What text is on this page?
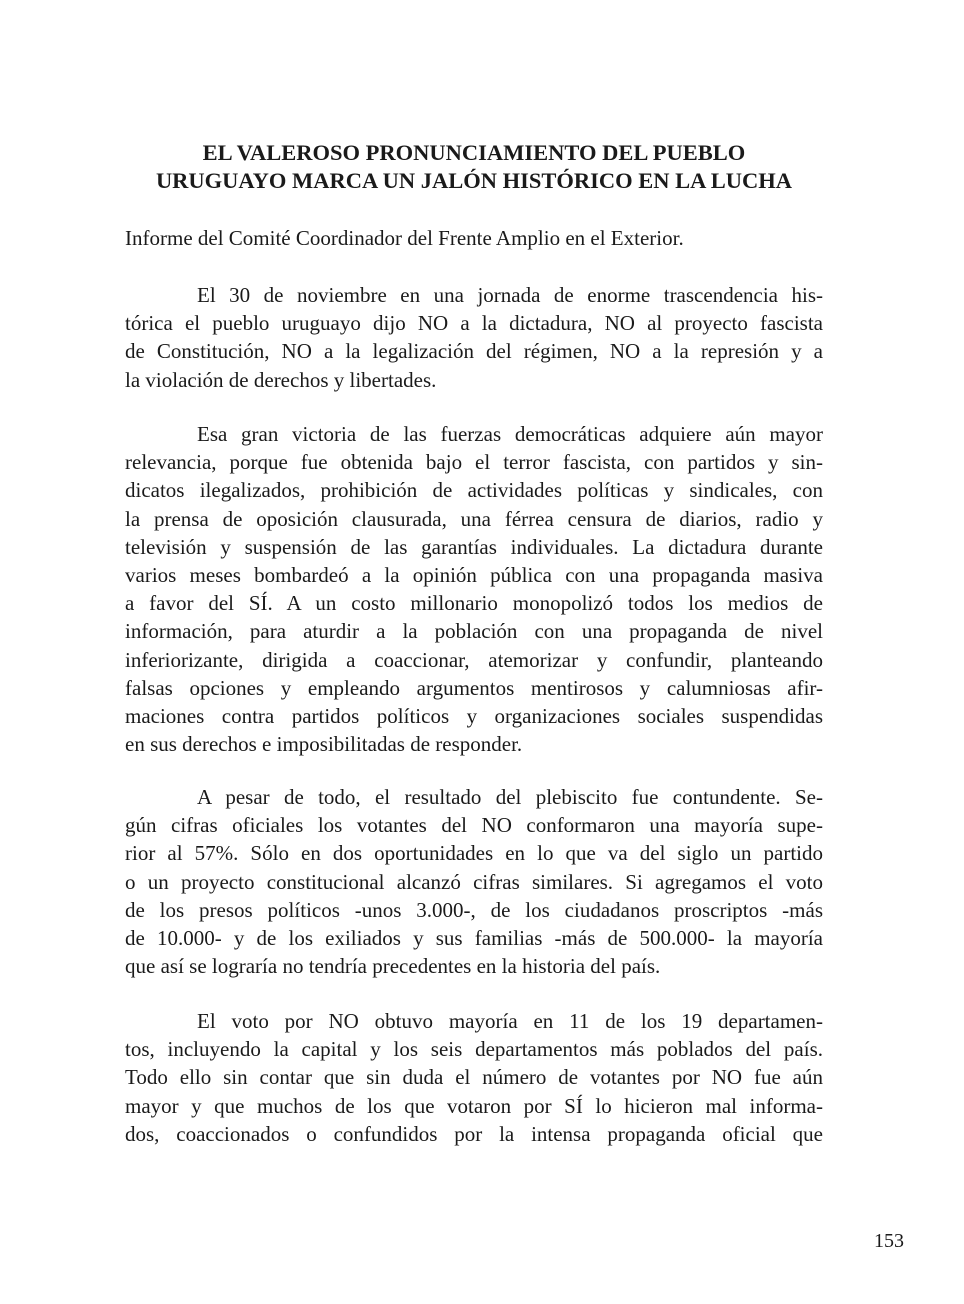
EL VALEROSO PRONUNCIAMIENTO DEL PUEBLO
URUGUAYO MARCA UN JALÓN HISTÓRICO EN LA LUCHA
Informe del Comité Coordinador del Frente Amplio en el Exterior.
El 30 de noviembre en una jornada de enorme trascendencia his-
tórica el pueblo uruguayo dijo NO a la dictadura, NO al proyecto fascista
de Constitución, NO a la legalización del régimen, NO a la represión y a
la violación de derechos y libertades.
Esa gran victoria de las fuerzas democráticas adquiere aún mayor
relevancia, porque fue obtenida bajo el terror fascista, con partidos y sin-
dicatos ilegalizados, prohibición de actividades políticas y sindicales, con
la prensa de oposición clausurada, una férrea censura de diarios, radio y
televisión y suspensión de las garantías individuales. La dictadura durante
varios meses bombardeó a la opinión pública con una propaganda masiva
a favor del SÍ. A un costo millonario monopolizó todos los medios de
información, para aturdir a la población con una propaganda de nivel
inferiorizante, dirigida a coaccionar, atemorizar y confundir, planteando
falsas opciones y empleando argumentos mentirosos y calumniosas afir-
maciones contra partidos políticos y organizaciones sociales suspendidas
en sus derechos e imposibilitadas de responder.
A pesar de todo, el resultado del plebiscito fue contundente. Se-
gún cifras oficiales los votantes del NO conformaron una mayoría supe-
rior al 57%. Sólo en dos oportunidades en lo que va del siglo un partido
o un proyecto constitucional alcanzó cifras similares. Si agregamos el voto
de los presos políticos -unos 3.000-, de los ciudadanos proscriptos -más
de 10.000- y de los exiliados y sus familias -más de 500.000- la mayoría
que así se lograría no tendría precedentes en la historia del país.
El voto por NO obtuvo mayoría en 11 de los 19 departamen-
tos, incluyendo la capital y los seis departamentos más poblados del país.
Todo ello sin contar que sin duda el número de votantes por NO fue aún
mayor y que muchos de los que votaron por SÍ lo hicieron mal informa-
dos, coaccionados o confundidos por la intensa propaganda oficial que
153
